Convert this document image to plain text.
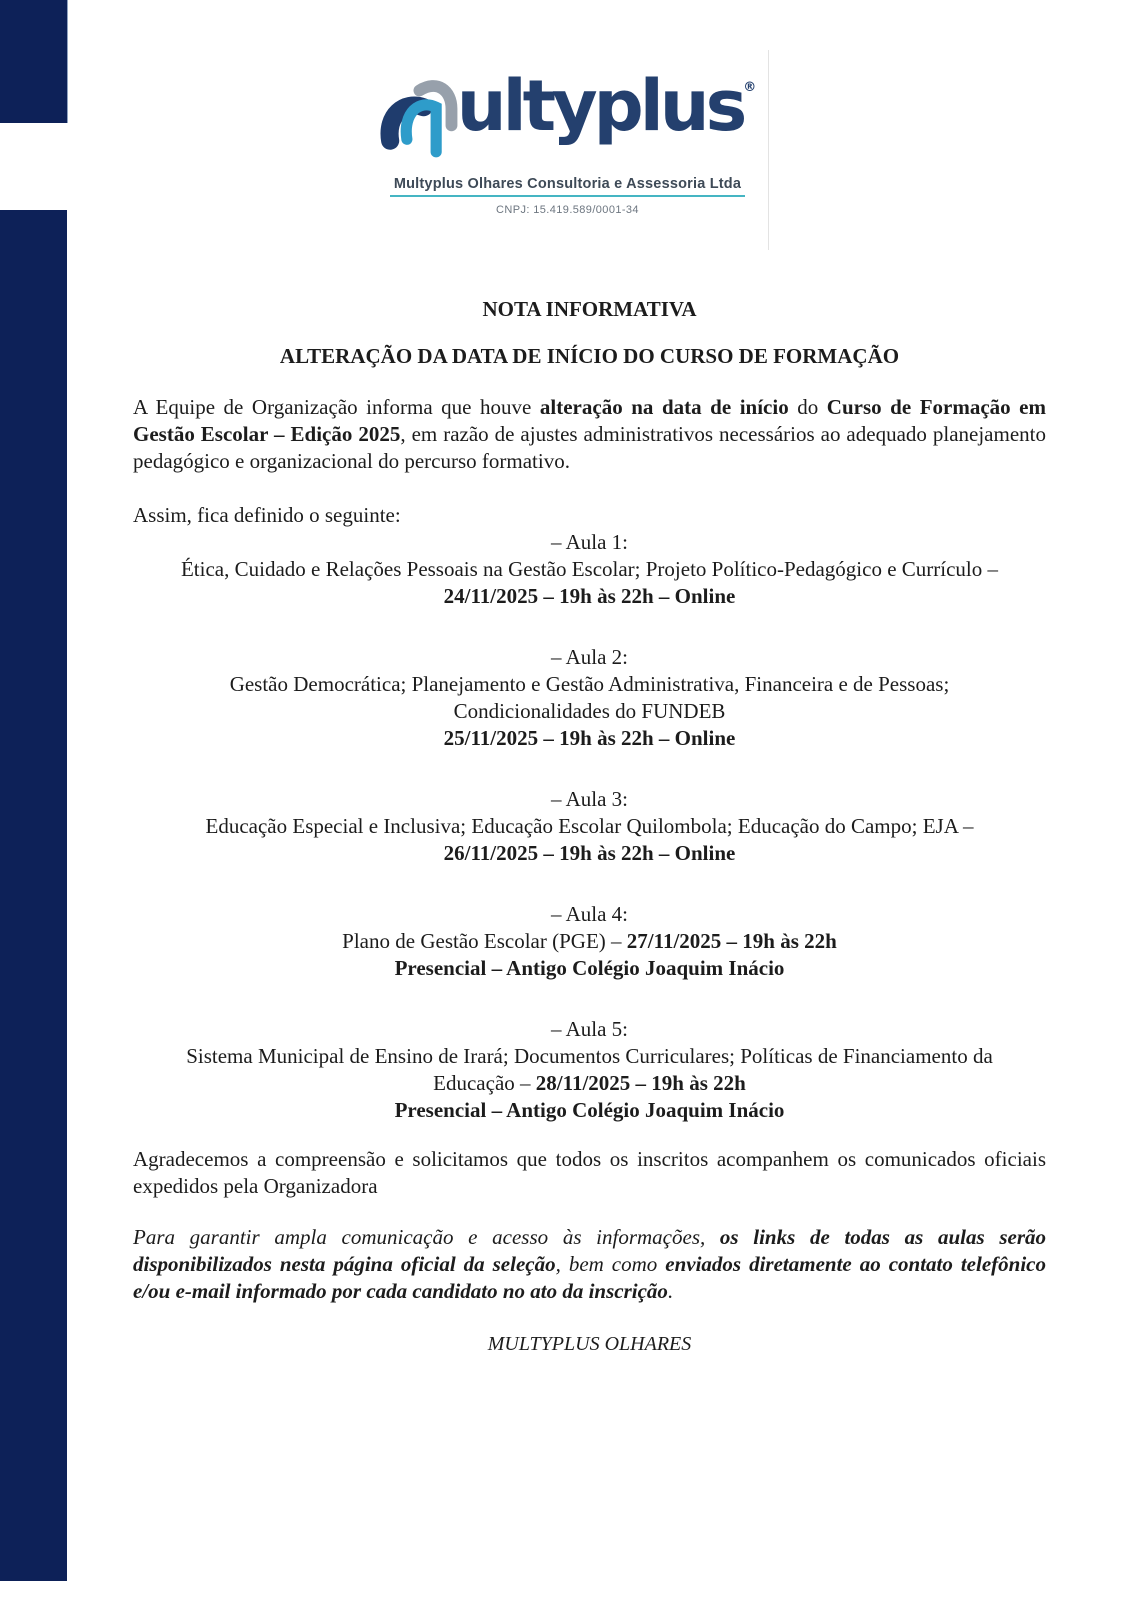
ultyplus®
Multyplus Olhares Consultoria e Assessoria Ltda
CNPJ: 15.419.589/0001-34

NOTA INFORMATIVA

ALTERAÇÃO DA DATA DE INÍCIO DO CURSO DE FORMAÇÃO

A Equipe de Organização informa que houve alteração na data de início do Curso de Formação em Gestão Escolar – Edição 2025, em razão de ajustes administrativos necessários ao adequado planejamento pedagógico e organizacional do percurso formativo.

Assim, fica definido o seguinte:

– Aula 1:
Ética, Cuidado e Relações Pessoais na Gestão Escolar; Projeto Político-Pedagógico e Currículo –
24/11/2025 – 19h às 22h – Online
– Aula 2:
Gestão Democrática; Planejamento e Gestão Administrativa, Financeira e de Pessoas;
Condicionalidades do FUNDEB
25/11/2025 – 19h às 22h – Online
– Aula 3:
Educação Especial e Inclusiva; Educação Escolar Quilombola; Educação do Campo; EJA –
26/11/2025 – 19h às 22h – Online
– Aula 4:
Plano de Gestão Escolar (PGE) – 27/11/2025 – 19h às 22h
Presencial – Antigo Colégio Joaquim Inácio
– Aula 5:
Sistema Municipal de Ensino de Irará; Documentos Curriculares; Políticas de Financiamento da
Educação – 28/11/2025 – 19h às 22h
Presencial – Antigo Colégio Joaquim Inácio

Agradecemos a compreensão e solicitamos que todos os inscritos acompanhem os comunicados oficiais expedidos pela Organizadora

Para garantir ampla comunicação e acesso às informações, os links de todas as aulas serão disponibilizados nesta página oficial da seleção, bem como enviados diretamente ao contato telefônico e/ou e-mail informado por cada candidato no ato da inscrição.

MULTYPLUS OLHARES
